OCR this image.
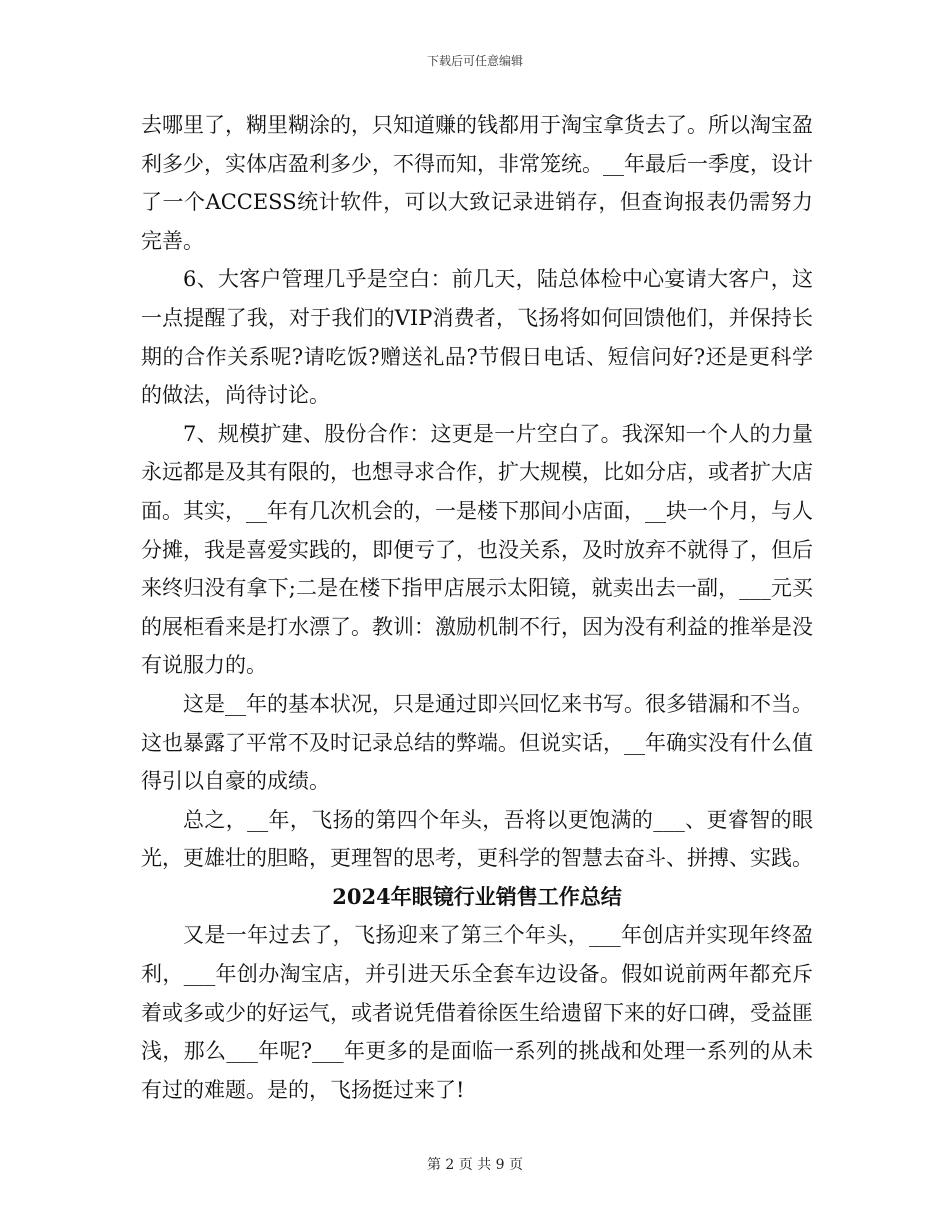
下载后可任意编辑

去哪里了，糊里糊涂的，只知道赚的钱都用于淘宝拿货去了。所以淘宝盈利多少，实体店盈利多少，不得而知，非常笼统。__年最后一季度，设计了一个ACCESS统计软件，可以大致记录进销存，但查询报表仍需努力完善。

6、大客户管理几乎是空白：前几天，陆总体检中心宴请大客户，这一点提醒了我，对于我们的VIP消费者，飞扬将如何回馈他们，并保持长期的合作关系呢?请吃饭?赠送礼品?节假日电话、短信问好?还是更科学的做法，尚待讨论。

7、规模扩建、股份合作：这更是一片空白了。我深知一个人的力量永远都是及其有限的，也想寻求合作，扩大规模，比如分店，或者扩大店面。其实，__年有几次机会的，一是楼下那间小店面，__块一个月，与人分摊，我是喜爱实践的，即便亏了，也没关系，及时放弃不就得了，但后来终归没有拿下;二是在楼下指甲店展示太阳镜，就卖出去一副，___元买的展柜看来是打水漂了。教训：激励机制不行，因为没有利益的推举是没有说服力的。

这是__年的基本状况，只是通过即兴回忆来书写。很多错漏和不当。这也暴露了平常不及时记录总结的弊端。但说实话，__年确实没有什么值得引以自豪的成绩。

总之，__年，飞扬的第四个年头，吾将以更饱满的___、更睿智的眼光，更雄壮的胆略，更理智的思考，更科学的智慧去奋斗、拼搏、实践。

2024年眼镜行业销售工作总结

又是一年过去了，飞扬迎来了第三个年头，___年创店并实现年终盈利，___年创办淘宝店，并引进天乐全套车边设备。假如说前两年都充斥着或多或少的好运气，或者说凭借着徐医生给遗留下来的好口碑，受益匪浅，那么___年呢?___年更多的是面临一系列的挑战和处理一系列的从未有过的难题。是的，飞扬挺过来了!

第 2 页 共 9 页
